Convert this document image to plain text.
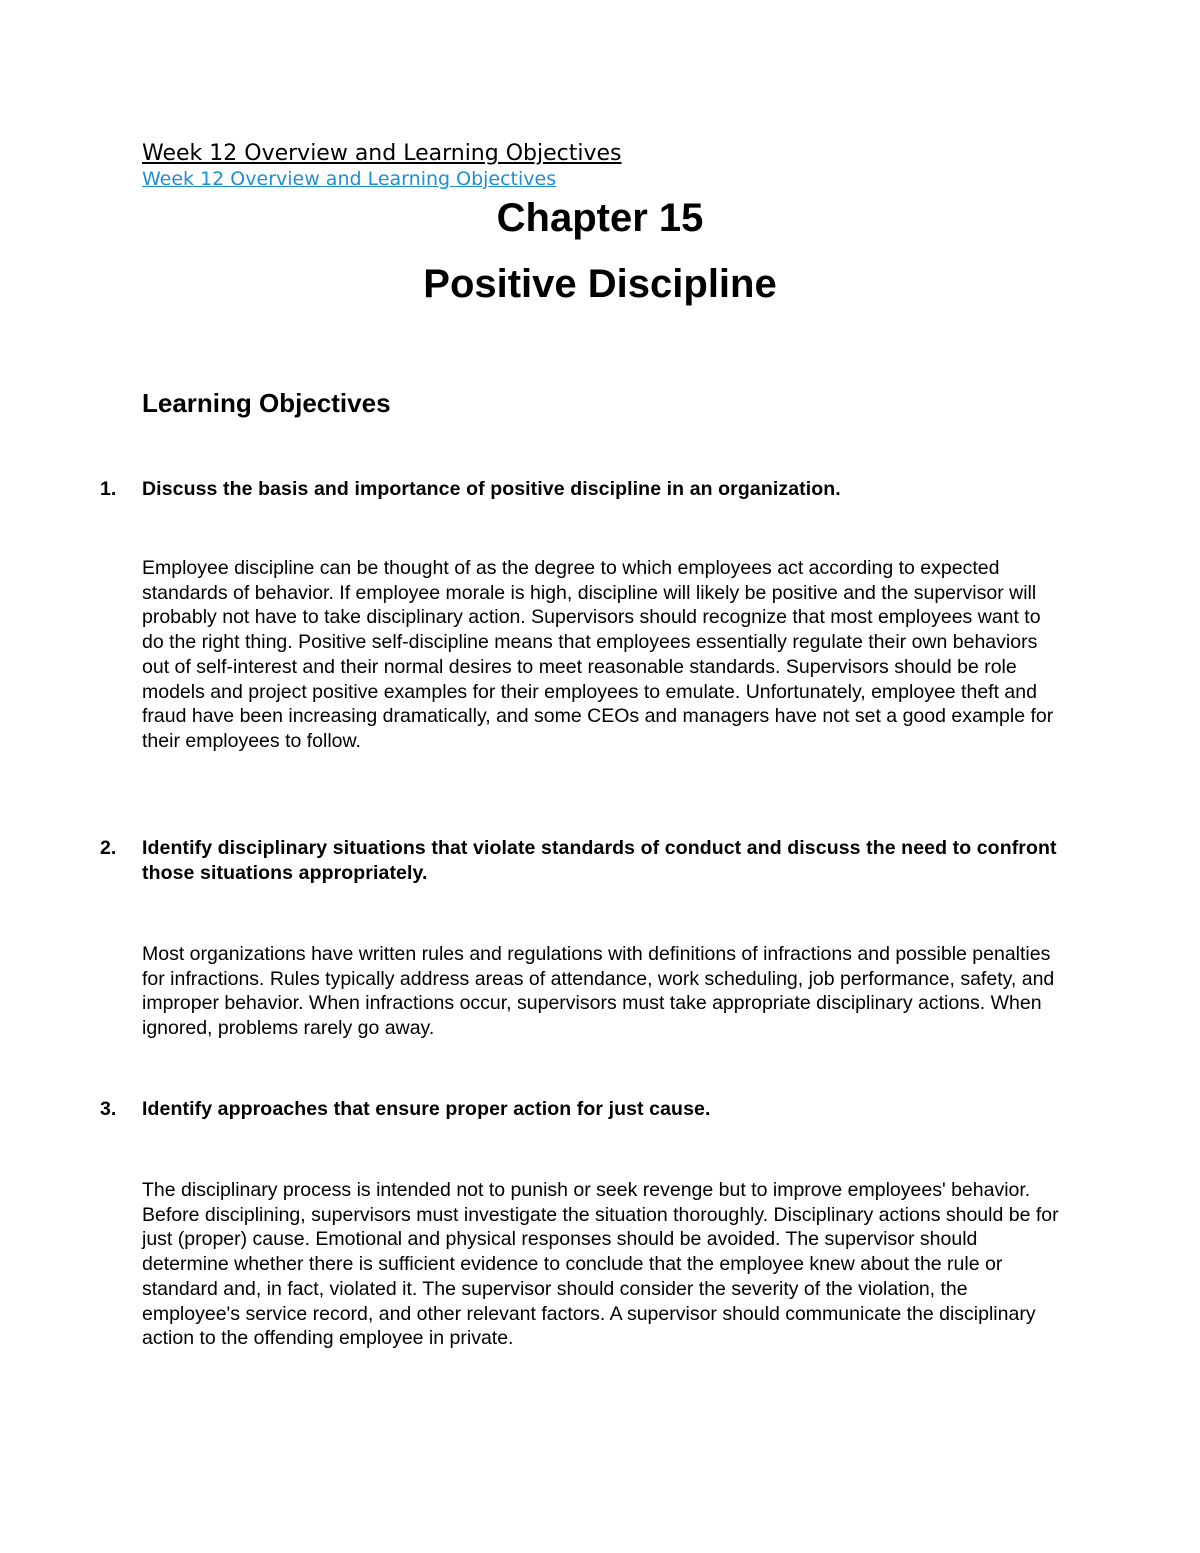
Week 12 Overview and Learning Objectives
Week 12 Overview and Learning Objectives
Chapter 15
Positive Discipline
Learning Objectives
1. Discuss the basis and importance of positive discipline in an organization.

Employee discipline can be thought of as the degree to which employees act according to expected standards of behavior. If employee morale is high, discipline will likely be positive and the supervisor will probably not have to take disciplinary action. Supervisors should recognize that most employees want to do the right thing. Positive self-discipline means that employees essentially regulate their own behaviors out of self-interest and their normal desires to meet reasonable standards. Supervisors should be role models and project positive examples for their employees to emulate. Unfortunately, employee theft and fraud have been increasing dramatically, and some CEOs and managers have not set a good example for their employees to follow.

2. Identify disciplinary situations that violate standards of conduct and discuss the need to confront those situations appropriately.

Most organizations have written rules and regulations with definitions of infractions and possible penalties for infractions. Rules typically address areas of attendance, work scheduling, job performance, safety, and improper behavior. When infractions occur, supervisors must take appropriate disciplinary actions. When ignored, problems rarely go away.

3. Identify approaches that ensure proper action for just cause.

The disciplinary process is intended not to punish or seek revenge but to improve employees' behavior. Before disciplining, supervisors must investigate the situation thoroughly. Disciplinary actions should be for just (proper) cause. Emotional and physical responses should be avoided. The supervisor should determine whether there is sufficient evidence to conclude that the employee knew about the rule or standard and, in fact, violated it. The supervisor should consider the severity of the violation, the employee's service record, and other relevant factors. A supervisor should communicate the disciplinary action to the offending employee in private.
